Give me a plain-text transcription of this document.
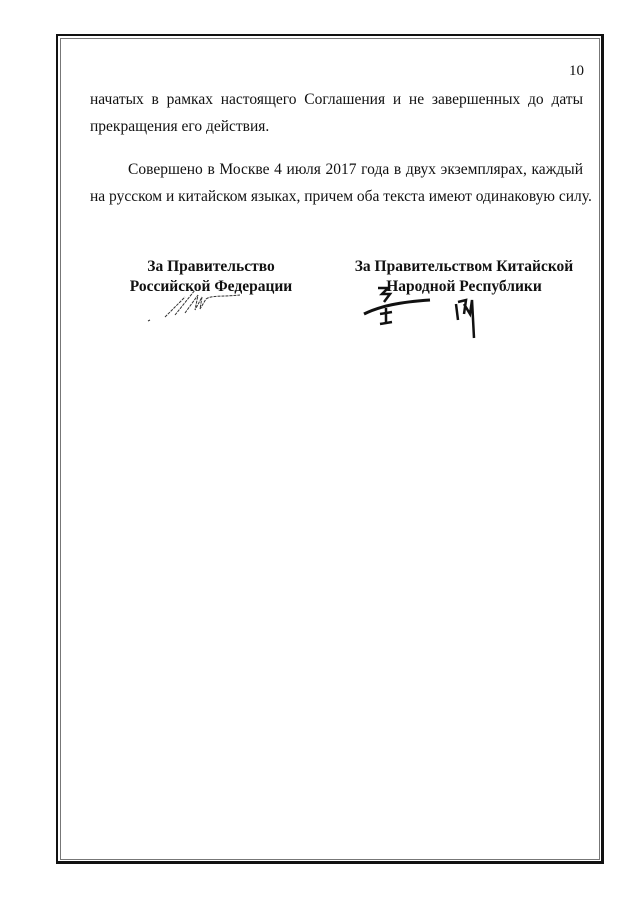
10
начатых в рамках настоящего Соглашения и не завершенных до даты
прекращения его действия.
Совершено в Москве 4 июля 2017 года в двух экземплярах, каждый
на русском и китайском языках, причем оба текста имеют одинаковую силу.
За Правительство
Российской Федерации
За Правительством Китайской
Народной Республики
